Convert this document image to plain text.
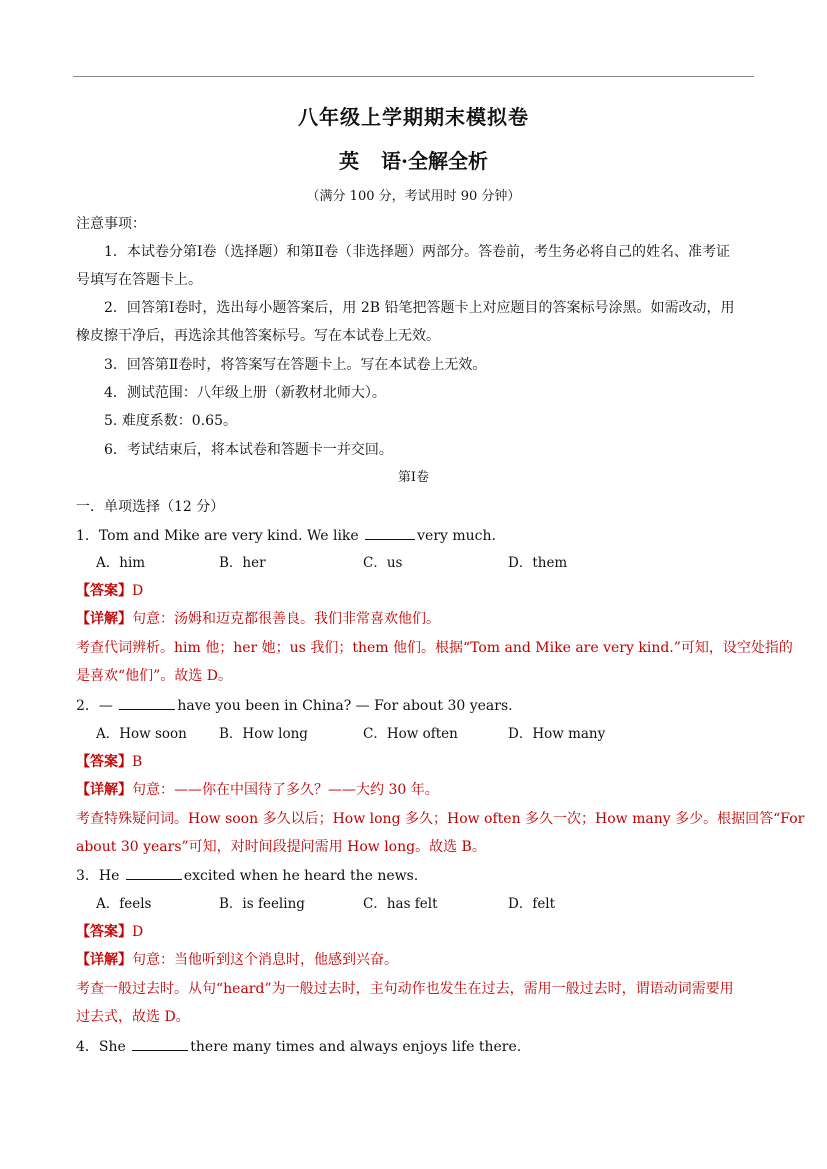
八年级上学期期末模拟卷
英 语·全解全析
（满分 100 分，考试用时 90 分钟）
注意事项：
1．本试卷分第Ⅰ卷（选择题）和第Ⅱ卷（非选择题）两部分。答卷前，考生务必将自己的姓名、准考证
号填写在答题卡上。
2．回答第Ⅰ卷时，选出每小题答案后，用 2B 铅笔把答题卡上对应题目的答案标号涂黑。如需改动，用
橡皮擦干净后，再选涂其他答案标号。写在本试卷上无效。
3．回答第Ⅱ卷时，将答案写在答题卡上。写在本试卷上无效。
4．测试范围：八年级上册（新教材北师大）。
5. 难度系数：0.65。
6．考试结束后，将本试卷和答题卡一并交回。
第Ⅰ卷
一．单项选择（12 分）
1．Tom and Mike are very kind. We like	very much.
A．him	B．her	C．us	D．them
【答案】D
【详解】句意：汤姆和迈克都很善良。我们非常喜欢他们。
考查代词辨析。him 他；her 她；us 我们；them 他们。根据“Tom and Mike are very kind.”可知，设空处指的
是喜欢“他们”。故选 D。
2．—	have you been in China? — For about 30 years.
A．How soon B．How long	C．How often	D．How many
【答案】B
【详解】句意：——你在中国待了多久？——大约 30 年。
考查特殊疑问词。How soon 多久以后；How long 多久；How often 多久一次；How many 多少。根据回答“For
about 30 years”可知，对时间段提问需用 How long。故选 B。
3．He	excited when he heard the news.
A．feels	B．is feeling	C．has felt	D．felt
【答案】D
【详解】句意：当他听到这个消息时，他感到兴奋。
考查一般过去时。从句“heard”为一般过去时，主句动作也发生在过去，需用一般过去时，谓语动词需要用
过去式，故选 D。
4．She	there many times and always enjoys life there.
